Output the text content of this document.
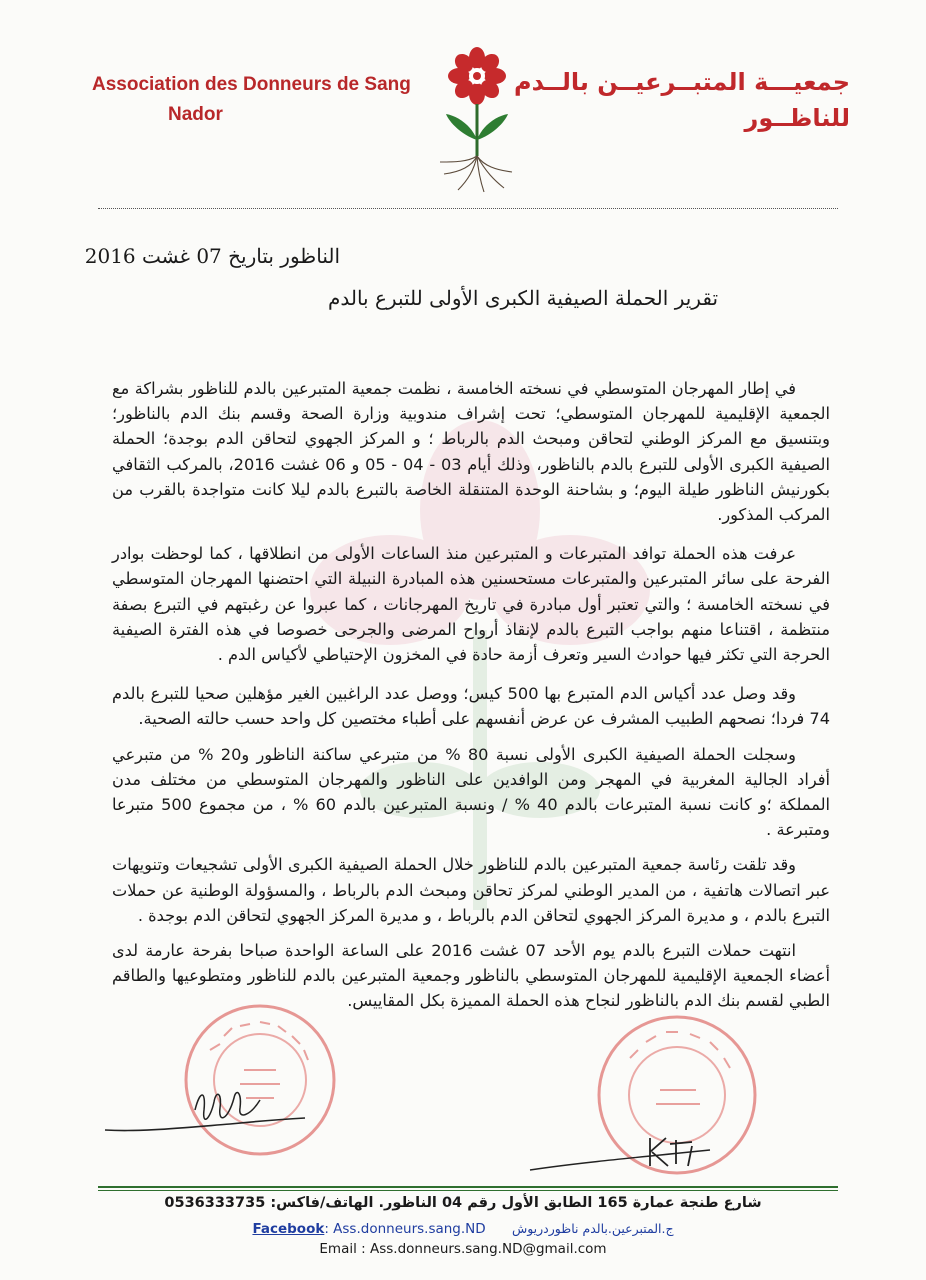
Association des Donneurs de Sang
Nador
جمعيـــة المتبــرعيــن بالــدم
للناظــور
الناظور بتاريخ 07 غشت 2016
تقرير الحملة الصيفية الكبرى الأولى للتبرع بالدم

في إطار المهرجان المتوسطي في نسخته الخامسة ، نظمت جمعية المتبرعين بالدم للناظور بشراكة مع الجمعية الإقليمية للمهرجان المتوسطي؛ تحت إشراف مندوبية وزارة الصحة وقسم بنك الدم بالناظور؛ وبتنسيق مع المركز الوطني لتحاقن ومبحث الدم بالرباط ؛ و المركز الجهوي لتحاقن الدم بوجدة؛ الحملة الصيفية الكبرى الأولى للتبرع بالدم بالناظور، وذلك أيام 03 - 04 - 05 و 06 غشت 2016، بالمركب الثقافي بكورنيش الناظور طيلة اليوم؛ و بشاحنة الوحدة المتنقلة الخاصة بالتبرع بالدم ليلا كانت متواجدة بالقرب من المركب المذكور.

عرفت هذه الحملة توافد المتبرعات و المتبرعين منذ الساعات الأولى من انطلاقها ، كما لوحظت بوادر الفرحة على سائر المتبرعين والمتبرعات مستحسنين هذه المبادرة النبيلة التي احتضنها المهرجان المتوسطي في نسخته الخامسة ؛ والتي تعتبر أول مبادرة في تاريخ المهرجانات ، كما عبروا عن رغبتهم في التبرع بصفة منتظمة ، اقتناعا منهم بواجب التبرع بالدم لإنقاذ أرواح المرضى والجرحى خصوصا في هذه الفترة الصيفية الحرجة التي تكثر فيها حوادث السير وتعرف أزمة حادة في المخزون الإحتياطي لأكياس الدم .

وقد وصل عدد أكياس الدم المتبرع بها 500 كيس؛ ووصل عدد الراغبين الغير مؤهلين صحيا للتبرع بالدم 74 فردا؛ نصحهم الطبيب المشرف عن عرض أنفسهم على أطباء مختصين كل واحد حسب حالته الصحية.

وسجلت الحملة الصيفية الكبرى الأولى نسبة 80 % من متبرعي ساكنة الناظور و20 % من متبرعي أفراد الجالية المغربية في المهجر ومن الوافدين على الناظور والمهرجان المتوسطي من مختلف مدن المملكة ؛و كانت نسبة المتبرعات بالدم 40 % / ونسبة المتبرعين بالدم 60 % ، من مجموع 500 متبرعا ومتبرعة .

وقد تلقت رئاسة جمعية المتبرعين بالدم للناظور خلال الحملة الصيفية الكبرى الأولى تشجيعات وتنويهات عبر اتصالات هاتفية ، من المدير الوطني لمركز تحاقن ومبحث الدم بالرباط ، والمسؤولة الوطنية عن حملات التبرع بالدم ، و مديرة المركز الجهوي لتحاقن الدم بالرباط ، و مديرة المركز الجهوي لتحاقن الدم بوجدة .

انتهت حملات التبرع بالدم يوم الأحد 07 غشت 2016 على الساعة الواحدة صباحا بفرحة عارمة لدى أعضاء الجمعية الإقليمية للمهرجان المتوسطي بالناظور وجمعية المتبرعين بالدم للناظور ومتطوعيها والطاقم الطبي لقسم بنك الدم بالناظور لنجاح هذه الحملة المميزة بكل المقاييس.

0536333735 شارع طنجة عمارة 165 الطابق الأول رقم 04 الناظور. الهاتف/فاكس:
Facebook: Ass.donneurs.sang.ND ج.المتبرعين.بالدم ناظوردريوش
Email : Ass.donneurs.sang.ND@gmail.com
